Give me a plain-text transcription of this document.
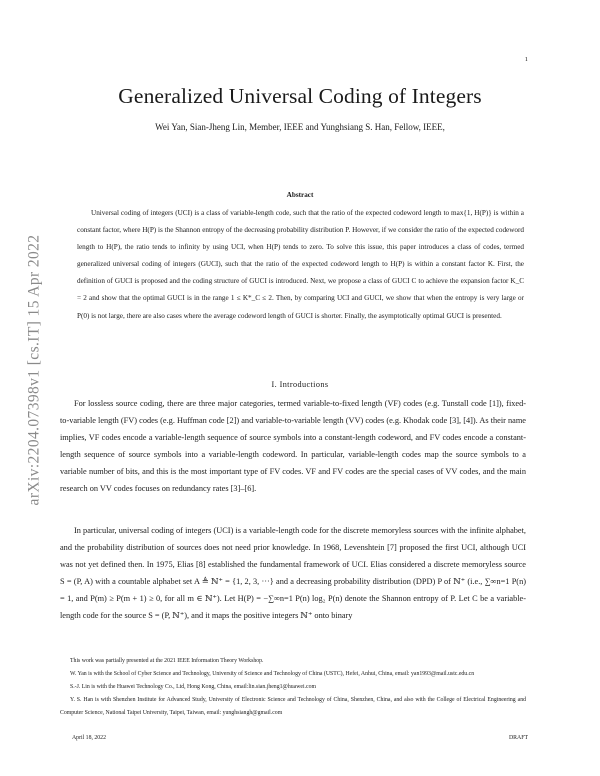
1
arXiv:2204.07398v1 [cs.IT] 15 Apr 2022
Generalized Universal Coding of Integers

Wei Yan, Sian-Jheng Lin, Member, IEEE and Yunghsiang S. Han, Fellow, IEEE,

Abstract

Universal coding of integers (UCI) is a class of variable-length code, such that the ratio of the expected codeword length to max{1, H(P)} is within a constant factor, where H(P) is the Shannon entropy of the decreasing probability distribution P. However, if we consider the ratio of the expected codeword length to H(P), the ratio tends to infinity by using UCI, when H(P) tends to zero. To solve this issue, this paper introduces a class of codes, termed generalized universal coding of integers (GUCI), such that the ratio of the expected codeword length to H(P) is within a constant factor K. First, the definition of GUCI is proposed and the coding structure of GUCI is introduced. Next, we propose a class of GUCI C to achieve the expansion factor K_C = 2 and show that the optimal GUCI is in the range 1 ≤ K*_C ≤ 2. Then, by comparing UCI and GUCI, we show that when the entropy is very large or P(0) is not large, there are also cases where the average codeword length of GUCI is shorter. Finally, the asymptotically optimal GUCI is presented.

I. Introductions

For lossless source coding, there are three major categories, termed variable-to-fixed length (VF) codes (e.g. Tunstall code [1]), fixed-to-variable length (FV) codes (e.g. Huffman code [2]) and variable-to-variable length (VV) codes (e.g. Khodak code [3], [4]). As their name implies, VF codes encode a variable-length sequence of source symbols into a constant-length codeword, and FV codes encode a constant-length sequence of source symbols into a variable-length codeword. In particular, variable-length codes map the source symbols to a variable number of bits, and this is the most important type of FV codes. VF and FV codes are the special cases of VV codes, and the main research on VV codes focuses on redundancy rates [3]–[6].

In particular, universal coding of integers (UCI) is a variable-length code for the discrete memoryless sources with the infinite alphabet, and the probability distribution of sources does not need prior knowledge. In 1968, Levenshtein [7] proposed the first UCI, although UCI was not yet defined then. In 1975, Elias [8] established the fundamental framework of UCI. Elias considered a discrete memoryless source S = (P, A) with a countable alphabet set A ≜ ℕ⁺ = {1, 2, 3, ···} and a decreasing probability distribution (DPD) P of ℕ⁺ (i.e., ∑∞n=1 P(n) = 1, and P(m) ≥ P(m + 1) ≥ 0, for all m ∈ ℕ⁺). Let H(P) = −∑∞n=1 P(n) log₂ P(n) denote the Shannon entropy of P. Let C be a variable-length code for the source S = (P, ℕ⁺), and it maps the positive integers ℕ⁺ onto binary

This work was partially presented at the 2021 IEEE Information Theory Workshop.

W. Yan is with the School of Cyber Science and Technology, University of Science and Technology of China (USTC), Hefei, Anhui, China, email: yan1993@mail.ustc.edu.cn

S.-J. Lin is with the Huawei Technology Co., Ltd, Hong Kong, China, email:lin.sian.jheng1@huawei.com

Y. S. Han is with Shenzhen Institute for Advanced Study, University of Electronic Science and Technology of China, Shenzhen, China, and also with the College of Electrical Engineering and Computer Science, National Taipei University, Taipei, Taiwan, email: yunghsiangh@gmail.com

April 18, 2022	DRAFT
